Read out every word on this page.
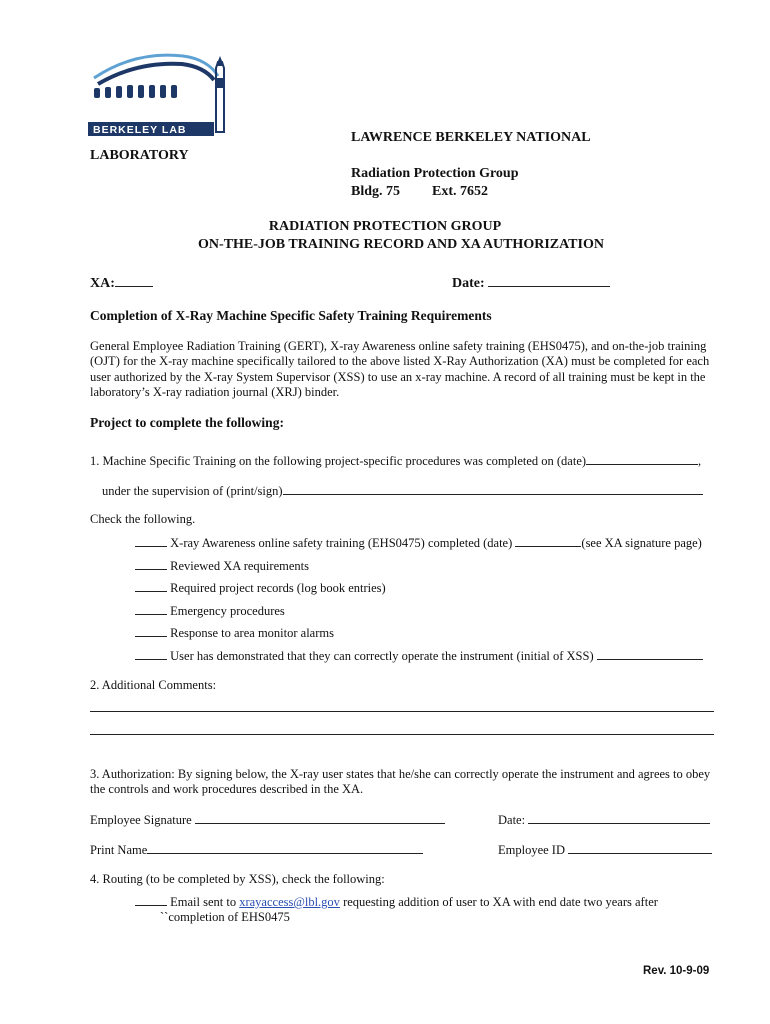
BERKELEY LAB	LAWRENCE BERKELEY NATIONAL
LABORATORY
Radiation Protection Group
Bldg. 75 Ext. 7652
RADIATION PROTECTION GROUP
ON-THE-JOB TRAINING RECORD AND XA AUTHORIZATION
XA:	Date:
Completion of X-Ray Machine Specific Safety Training Requirements
General Employee Radiation Training (GERT), X-ray Awareness online safety training (EHS0475), and on-the-job training (OJT) for the X-ray machine specifically tailored to the above listed X-Ray Authorization (XA) must be completed for each user authorized by the X-ray System Supervisor (XSS) to use an x-ray machine. A record of all training must be kept in the laboratory’s X-ray radiation journal (XRJ) binder.
Project to complete the following:
1. Machine Specific Training on the following project-specific procedures was completed on (date)	,
under the supervision of (print/sign)
Check the following.
X-ray Awareness online safety training (EHS0475) completed (date)	(see XA signature page)
Reviewed XA requirements
Required project records (log book entries)
Emergency procedures
Response to area monitor alarms
User has demonstrated that they can correctly operate the instrument (initial of XSS)
2. Additional Comments:
3. Authorization: By signing below, the X-ray user states that he/she can correctly operate the instrument and agrees to obey the controls and work procedures described in the XA.
Employee Signature	Date:
Print Name	Employee ID
4. Routing (to be completed by XSS), check the following:
Email sent to xrayaccess@lbl.gov requesting addition of user to XA with end date two years after
``completion of EHS0475
Rev. 10-9-09
